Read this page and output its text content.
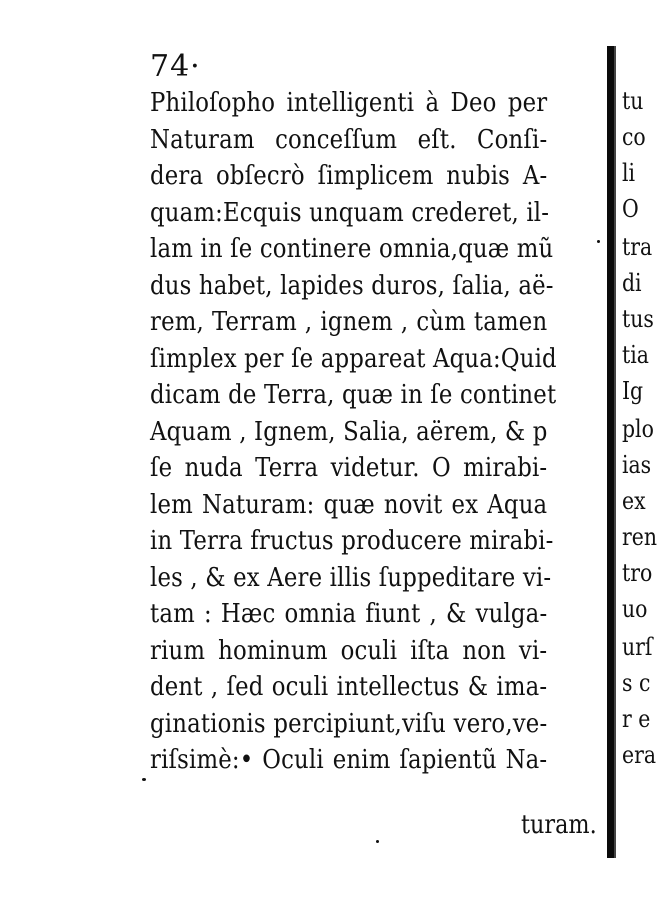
74·
Philoſopho intelligenti à Deo per
Naturam conceſſum eſt. Conſi-
dera obſecrò ſimplicem nubis A-
quam:Ecquis unquam crederet, il-
lam in ſe continere omnia,quæ mũ
dus habet, lapides duros, ſalia, aë-
rem, Terram , ignem , cùm tamen
ſimplex per ſe appareat Aqua:Quid
dicam de Terra, quæ in ſe continet
Aquam , Ignem, Salia, aërem, & p
ſe nuda Terra videtur. O mirabi-
lem Naturam: quæ novit ex Aqua
in Terra fructus producere mirabi-
les , & ex Aere illis ſuppeditare vi-
tam : Hæc omnia fiunt , & vulga-
rium hominum oculi iſta non vi-
dent , ſed oculi intellectus & ima-
ginationis percipiunt,viſu vero,ve-
riſsimè:• Oculi enim ſapientũ Na-
turam.
tu
co
li
O
tra
di
tus
tia
Ig
plo
ias
ex
ren
tro
uo
urſ
s c
r e
era
